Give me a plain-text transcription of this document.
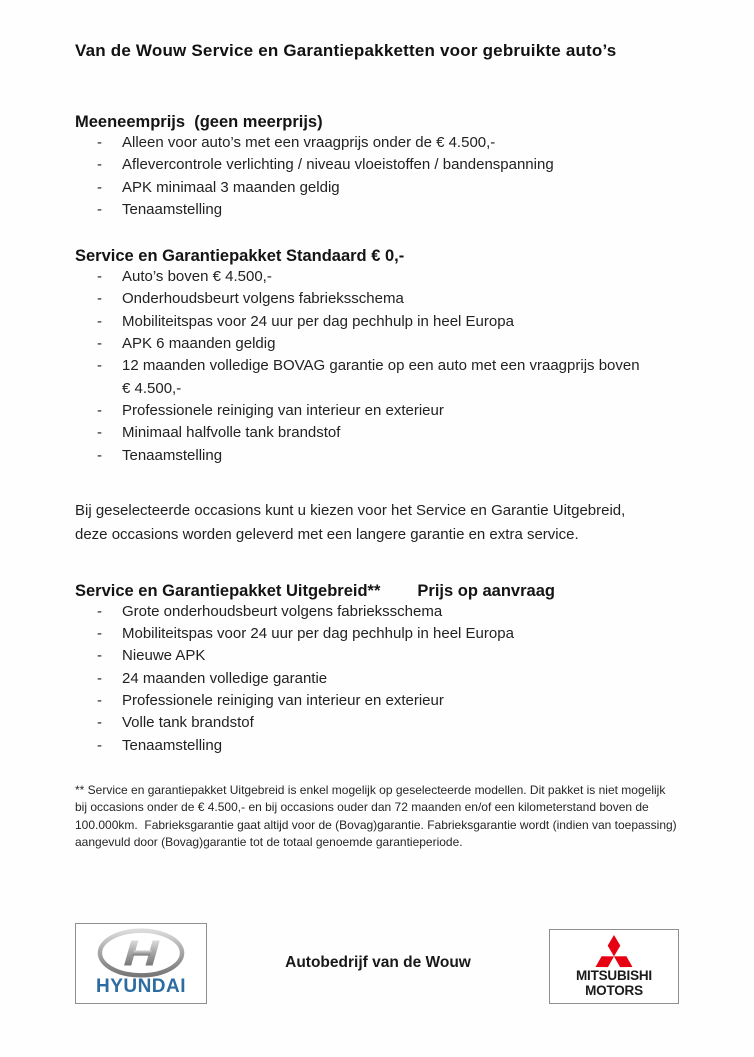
Van de Wouw Service en Garantiepakketten voor gebruikte auto’s
Meeneemprijs  (geen meerprijs)
-	Alleen voor auto’s met een vraagprijs onder de € 4.500,-
-	Aflevercontrole verlichting / niveau vloeistoffen / bandenspanning
-	APK minimaal 3 maanden geldig
-	Tenaamstelling
Service en Garantiepakket Standaard € 0,-
-	Auto’s boven € 4.500,-
-	Onderhoudsbeurt volgens fabrieksschema
-	Mobiliteitspas voor 24 uur per dag pechhulp in heel Europa
-	APK 6 maanden geldig
-	12 maanden volledige BOVAG garantie op een auto met een vraagprijs boven € 4.500,-
-	Professionele reiniging van interieur en exterieur
-	Minimaal halfvolle tank brandstof
-	Tenaamstelling
Bij geselecteerde occasions kunt u kiezen voor het Service en Garantie Uitgebreid,
deze occasions worden geleverd met een langere garantie en extra service.
Service en Garantiepakket Uitgebreid** Prijs op aanvraag
-	Grote onderhoudsbeurt volgens fabrieksschema
-	Mobiliteitspas voor 24 uur per dag pechhulp in heel Europa
-	Nieuwe APK
-	24 maanden volledige garantie
-	Professionele reiniging van interieur en exterieur
-	Volle tank brandstof
-	Tenaamstelling
** Service en garantiepakket Uitgebreid is enkel mogelijk op geselecteerde modellen. Dit pakket is niet mogelijk
bij occasions onder de € 4.500,- en bij occasions ouder dan 72 maanden en/of een kilometerstand boven de
100.000km.  Fabrieksgarantie gaat altijd voor de (Bovag)garantie. Fabrieksgarantie wordt (indien van toepassing)
aangevuld door (Bovag)garantie tot de totaal genoemde garantieperiode.
HYUNDAI
Autobedrijf van de Wouw
MITSUBISHI
MOTORS
